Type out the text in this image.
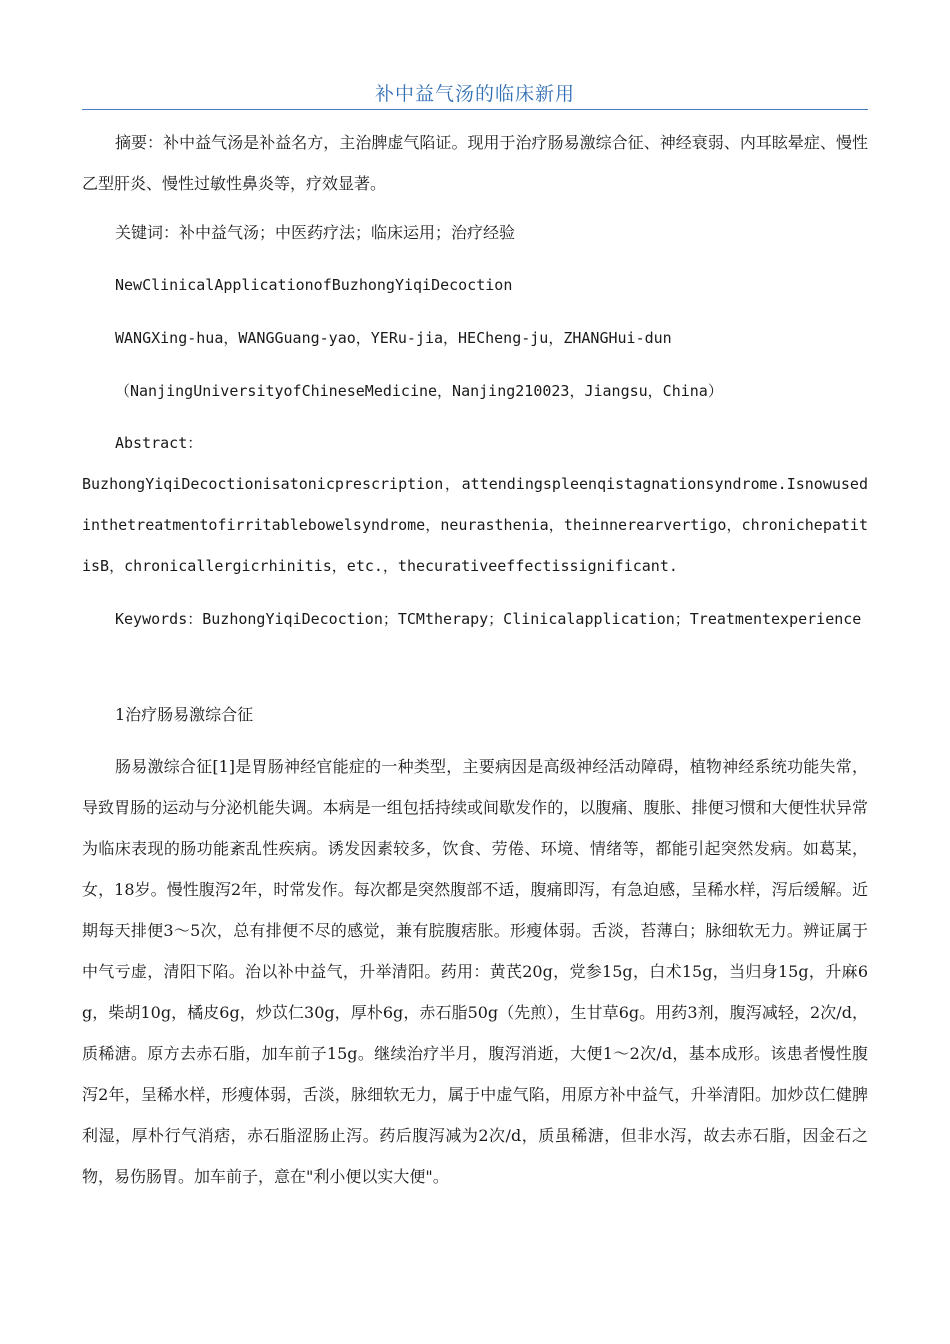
补中益气汤的临床新用

摘要：补中益气汤是补益名方，主治脾虚气陷证。现用于治疗肠易激综合征、神经衰弱、内耳眩晕症、慢性乙型肝炎、慢性过敏性鼻炎等，疗效显著。

关键词：补中益气汤；中医药疗法；临床运用；治疗经验

NewClinicalApplicationofBuzhongYiqiDecoction

WANGXing-hua，WANGGuang-yao，YERu-jia，HECheng-ju，ZHANGHui-dun

（NanjingUniversityofChineseMedicine，Nanjing210023，Jiangsu，China）

Abstract：

BuzhongYiqiDecoctionisatonicprescription，attendingspleenqistagnationsyndrome.Isnowusedinthetreatmentofirritablebowelsyndrome，neurasthenia，theinnerearvertigo，chronichepatitisB，chronicallergicrhinitis，etc.，thecurativeeffectissignificant.

Keywords：BuzhongYiqiDecoction；TCMtherapy；Clinicalapplication；Treatmentexperience

1治疗肠易激综合征

肠易激综合征[1]是胃肠神经官能症的一种类型，主要病因是高级神经活动障碍，植物神经系统功能失常，导致胃肠的运动与分泌机能失调。本病是一组包括持续或间歇发作的，以腹痛、腹胀、排便习惯和大便性状异常为临床表现的肠功能紊乱性疾病。诱发因素较多，饮食、劳倦、环境、情绪等，都能引起突然发病。如葛某，女，18岁。慢性腹泻2年，时常发作。每次都是突然腹部不适，腹痛即泻，有急迫感，呈稀水样，泻后缓解。近期每天排便3～5次，总有排便不尽的感觉，兼有脘腹痞胀。形瘦体弱。舌淡，苔薄白；脉细软无力。辨证属于中气亏虚，清阳下陷。治以补中益气，升举清阳。药用：黄芪20g，党参15g，白术15g，当归身15g，升麻6g，柴胡10g，橘皮6g，炒苡仁30g，厚朴6g，赤石脂50g（先煎），生甘草6g。用药3剂，腹泻减轻，2次/d，质稀溏。原方去赤石脂，加车前子15g。继续治疗半月，腹泻消逝，大便1～2次/d，基本成形。该患者慢性腹泻2年，呈稀水样，形瘦体弱，舌淡，脉细软无力，属于中虚气陷，用原方补中益气，升举清阳。加炒苡仁健脾利湿，厚朴行气消痞，赤石脂涩肠止泻。药后腹泻减为2次/d，质虽稀溏，但非水泻，故去赤石脂，因金石之物，易伤肠胃。加车前子，意在"利小便以实大便"。
